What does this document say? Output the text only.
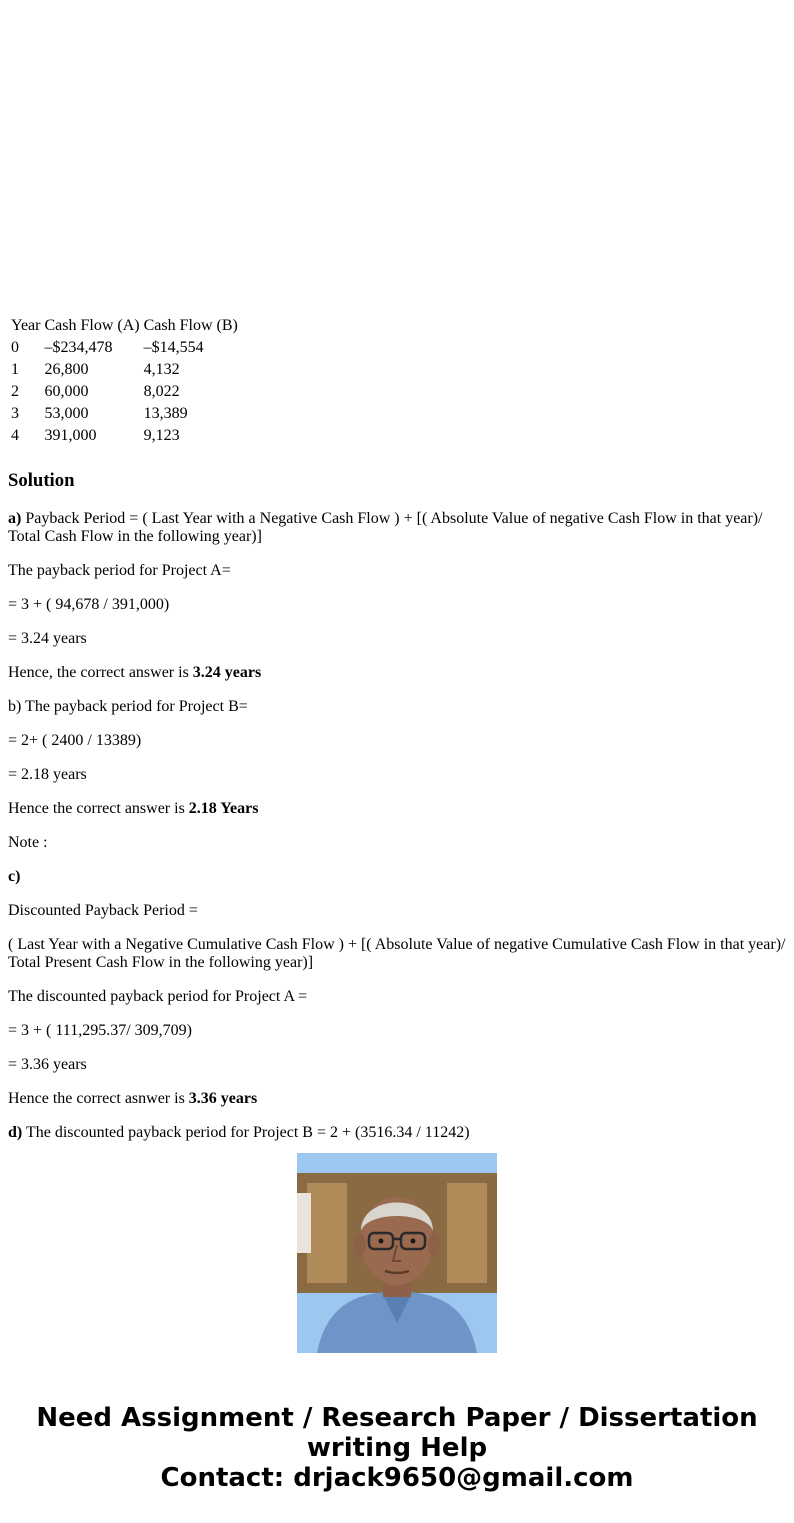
Year	Cash Flow (A)	Cash Flow (B)
0	–$234,478	–$14,554
1	26,800	4,132
2	60,000	8,022
3	53,000	13,389
4	391,000	9,123
Solution

a) Payback Period = ( Last Year with a Negative Cash Flow ) + [( Absolute Value of negative Cash Flow in that year)/ Total Cash Flow in the following year)]

The payback period for Project A=

= 3 + ( 94,678 / 391,000)

= 3.24 years

Hence, the correct answer is 3.24 years

b) The payback period for Project B=

= 2+ ( 2400 / 13389)

= 2.18 years

Hence the correct answer is 2.18 Years

Note :

c)

Discounted Payback Period =

( Last Year with a Negative Cumulative Cash Flow ) + [( Absolute Value of negative Cumulative Cash Flow in that year)/ Total Present Cash Flow in the following year)]

The discounted payback period for Project A =

= 3 + ( 111,295.37/ 309,709)

= 3.36 years

Hence the correct asnwer is 3.36 years

d) The discounted payback period for Project B = 2 + (3516.34 / 11242)

Need Assignment / Research Paper / Dissertation
writing Help
Contact: drjack9650@gmail.com
